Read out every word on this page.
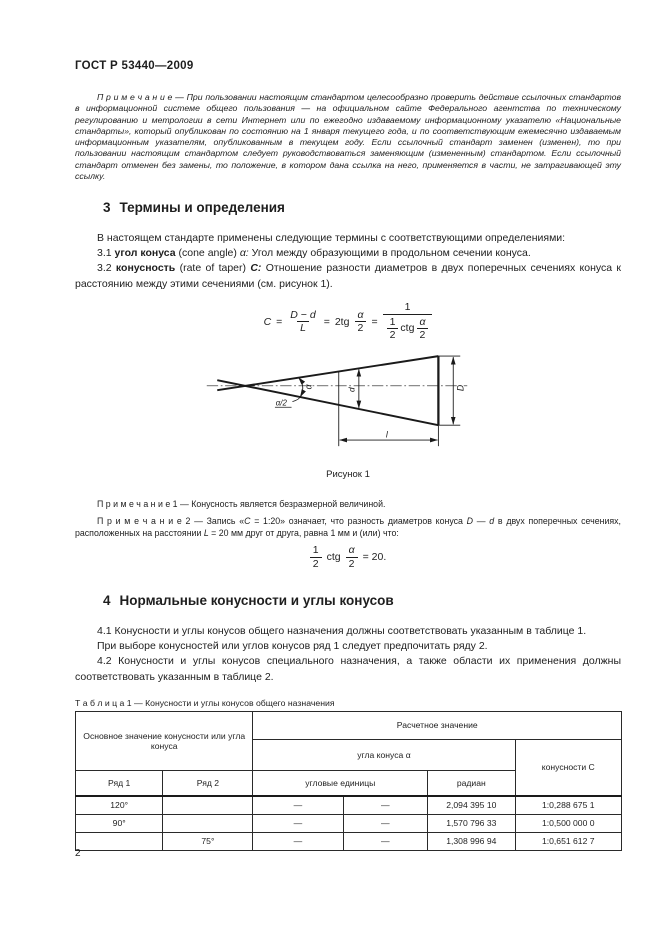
ГОСТ Р 53440—2009
П р и м е ч а н и е — При пользовании настоящим стандартом целесообразно проверить действие ссылочных стандартов в информационной системе общего пользования — на официальном сайте Федерального агентства по техническому регулированию и метрологии в сети Интернет или по ежегодно издаваемому информационному указателю «Национальные стандарты», который опубликован по состоянию на 1 января текущего года, и по соответствующим ежемесячно издаваемым информационным указателям, опубликованным в текущем году. Если ссылочный стандарт заменен (изменен), то при пользовании настоящим стандартом следует руководствоваться заменяющим (измененным) стандартом. Если ссылочный стандарт отменен без замены, то положение, в котором дана ссылка на него, применяется в части, не затрагивающей эту ссылку.
3 Термины и определения

В настоящем стандарте применены следующие термины с соответствующими определениями:

3.1 угол конуса (cone angle) α: Угол между образующими в продольном сечении конуса.

3.2 конусность (rate of taper) С: Отношение разности диаметров в двух поперечных сечениях конуса к расстоянию между этими сечениями (см. рисунок 1).

$C = \frac{D - d}{L} = 2tg \frac{\alpha}{2} = \frac{1}{\frac{1}{2} ctg \frac{\alpha}{2}}$
α
α/2
d	D
l
Рисунок 1
П р и м е ч а н и е 1 — Конусность является безразмерной величиной.
П р и м е ч а н и е 2 — Запись «С = 1:20» означает, что разность диаметров конуса D — d в двух поперечных сечениях, расположенных на расстоянии L = 20 мм друг от друга, равна 1 мм и (или) что:
$\frac{1}{2}$ ctg $\frac{\alpha}{2} = 20$.
4 Нормальные конусности и углы конусов

4.1 Конусности и углы конусов общего назначения должны соответствовать указанным в таблице 1.

При выборе конусностей или углов конусов ряд 1 следует предпочитать ряду 2.

4.2 Конусности и углы конусов специального назначения, а также области их применения должны соответствовать указанным в таблице 2.

Т а б л и ц а 1 — Конусности и углы конусов общего назначения
Основное значение конусности или угла конуса		Расчетное значение			
		угла конуса α			конусности С
Ряд 1	Ряд 2	угловые единицы		радиан	
120°		—	—	2,094 395 10	1:0,288 675 1
90°		—	—	1,570 796 33	1:0,500 000 0
	75°	—	—	1,308 996 94	1:0,651 612 7
2
